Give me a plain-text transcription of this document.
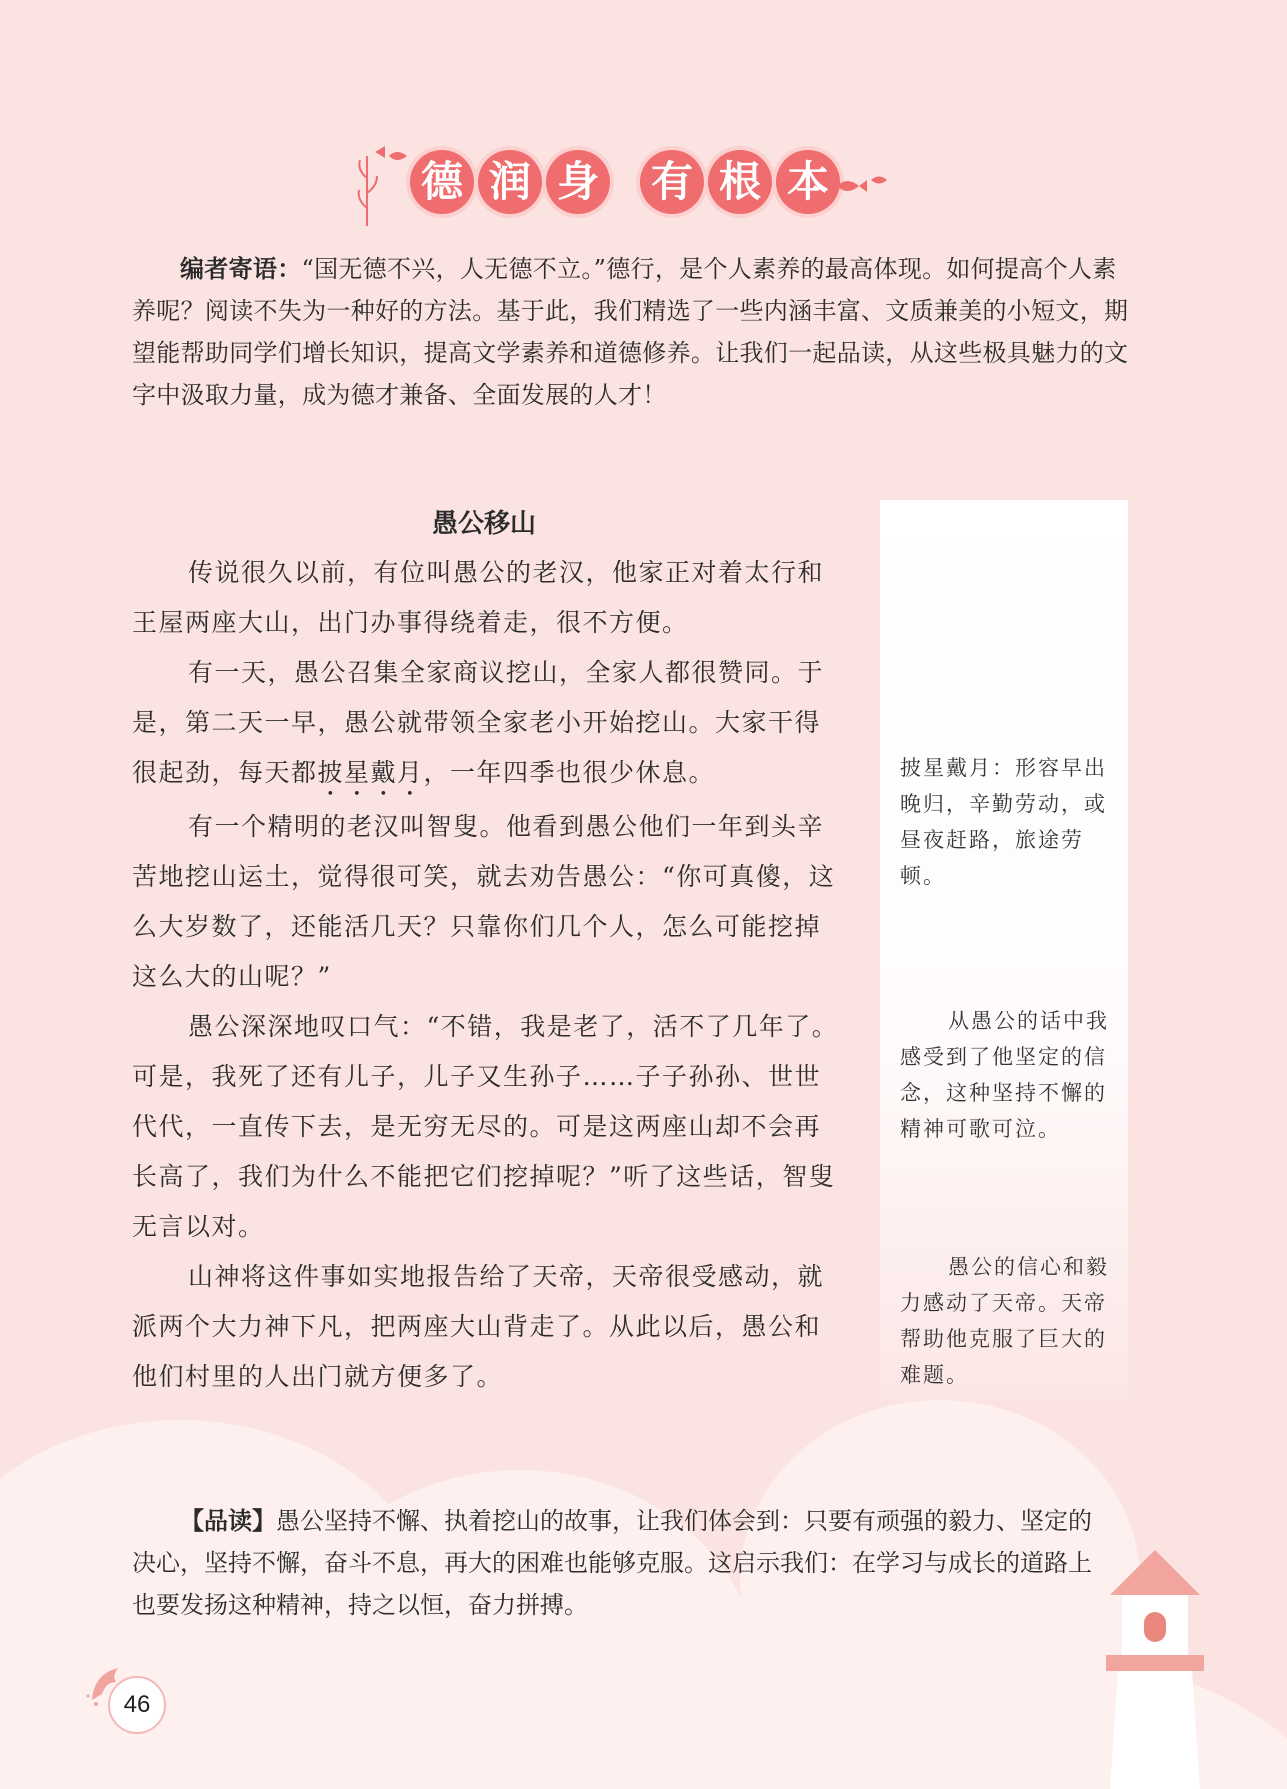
德 润 身 有 根 本
编者寄语：“国无德不兴，人无德不立。”德行，是个人素养的最高体现。如何提高个人素养呢？阅读不失为一种好的方法。基于此，我们精选了一些内涵丰富、文质兼美的小短文，期望能帮助同学们增长知识，提高文学素养和道德修养。让我们一起品读，从这些极具魅力的文字中汲取力量，成为德才兼备、全面发展的人才！
愚公移山

传说很久以前，有位叫愚公的老汉，他家正对着太行和王屋两座大山，出门办事得绕着走，很不方便。

有一天，愚公召集全家商议挖山，全家人都很赞同。于是，第二天一早，愚公就带领全家老小开始挖山。大家干得很起劲，每天都披星戴月，一年四季也很少休息。

有一个精明的老汉叫智叟。他看到愚公他们一年到头辛苦地挖山运土，觉得很可笑，就去劝告愚公：“你可真傻，这么大岁数了，还能活几天？只靠你们几个人，怎么可能挖掉这么大的山呢？”

愚公深深地叹口气：“不错，我是老了，活不了几年了。可是，我死了还有儿子，儿子又生孙子……子子孙孙、世世代代，一直传下去，是无穷无尽的。可是这两座山却不会再长高了，我们为什么不能把它们挖掉呢？”听了这些话，智叟无言以对。

山神将这件事如实地报告给了天帝，天帝很受感动，就派两个大力神下凡，把两座大山背走了。从此以后，愚公和他们村里的人出门就方便多了。

披星戴月：形容早出晚归，辛勤劳动，或昼夜赶路，旅途劳顿。
从愚公的话中我感受到了他坚定的信念，这种坚持不懈的精神可歌可泣。
愚公的信心和毅力感动了天帝。天帝帮助他克服了巨大的难题。
【品读】愚公坚持不懈、执着挖山的故事，让我们体会到：只要有顽强的毅力、坚定的决心，坚持不懈，奋斗不息，再大的困难也能够克服。这启示我们：在学习与成长的道路上也要发扬这种精神，持之以恒，奋力拼搏。
46
